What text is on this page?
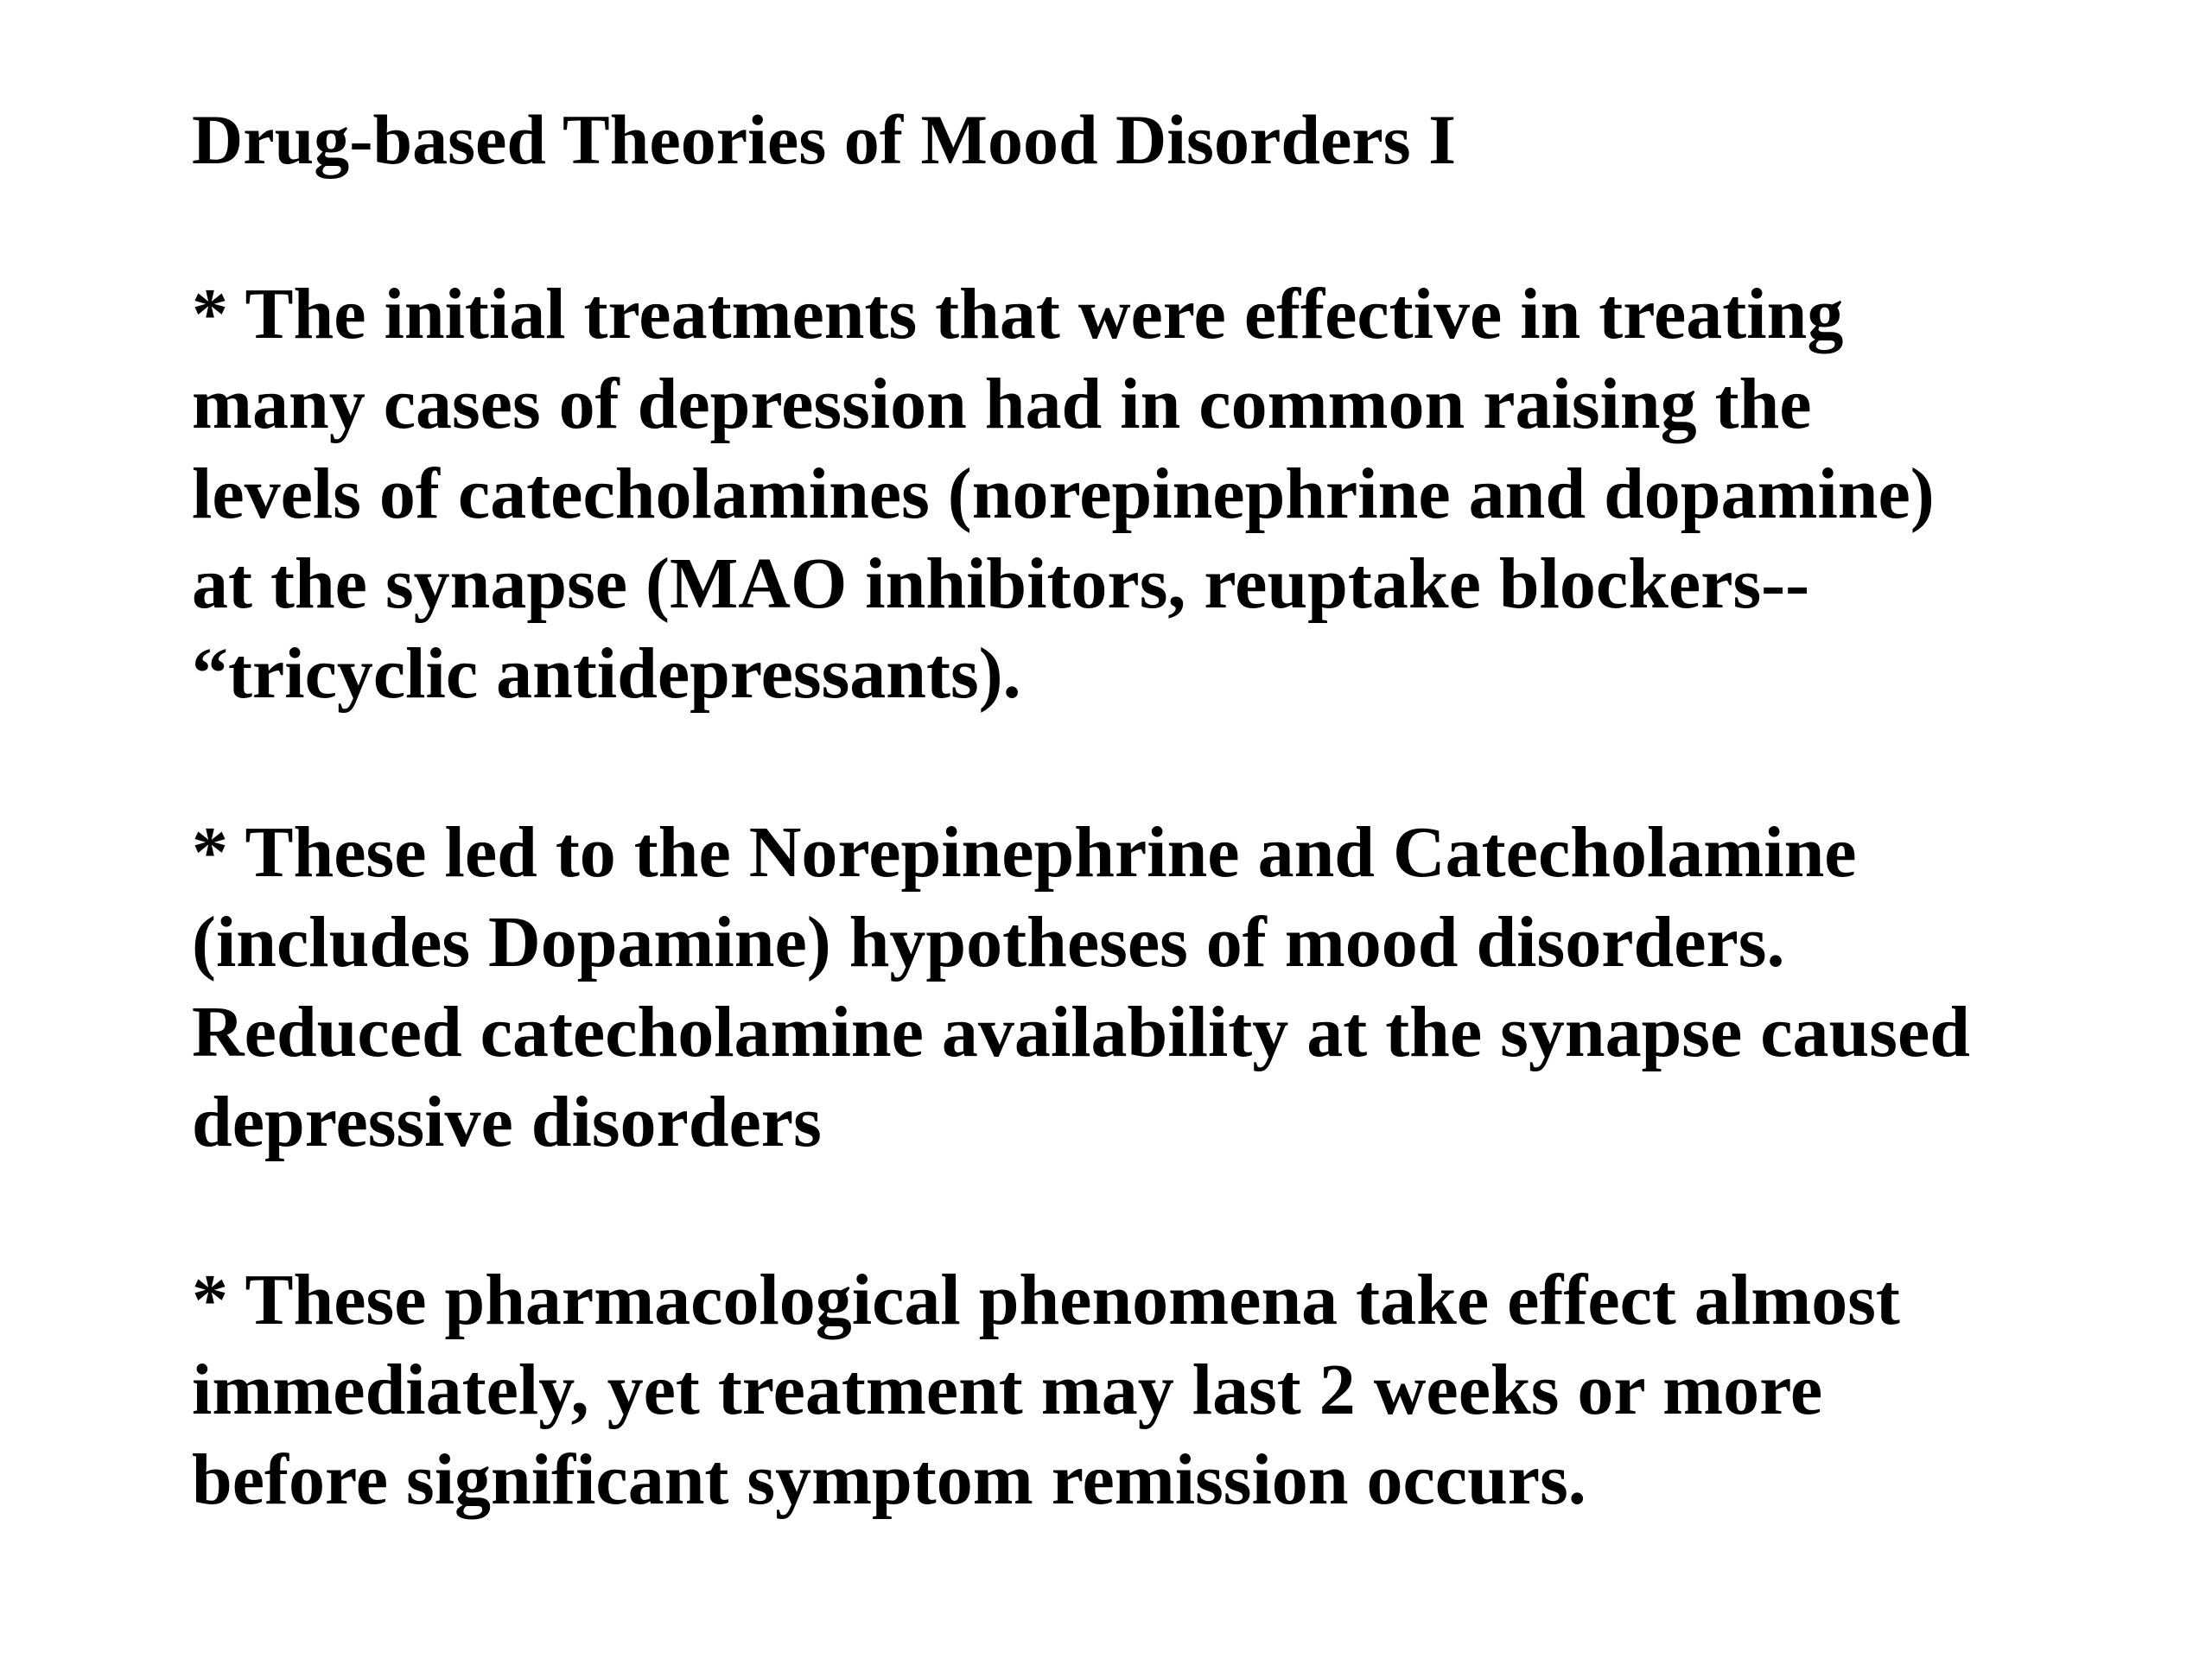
Drug-based Theories of Mood Disorders I

* The initial treatments that were effective in treating
many cases of depression had in common raising the
levels of catecholamines (norepinephrine and dopamine)
at the synapse (MAO inhibitors, reuptake blockers--
“tricyclic antidepressants).

* These led to the Norepinephrine and Catecholamine
(includes Dopamine) hypotheses of mood disorders.
Reduced catecholamine availability at the synapse caused
depressive disorders

* These pharmacological phenomena take effect almost
immediately, yet treatment may last 2 weeks or more
before significant symptom remission occurs.
